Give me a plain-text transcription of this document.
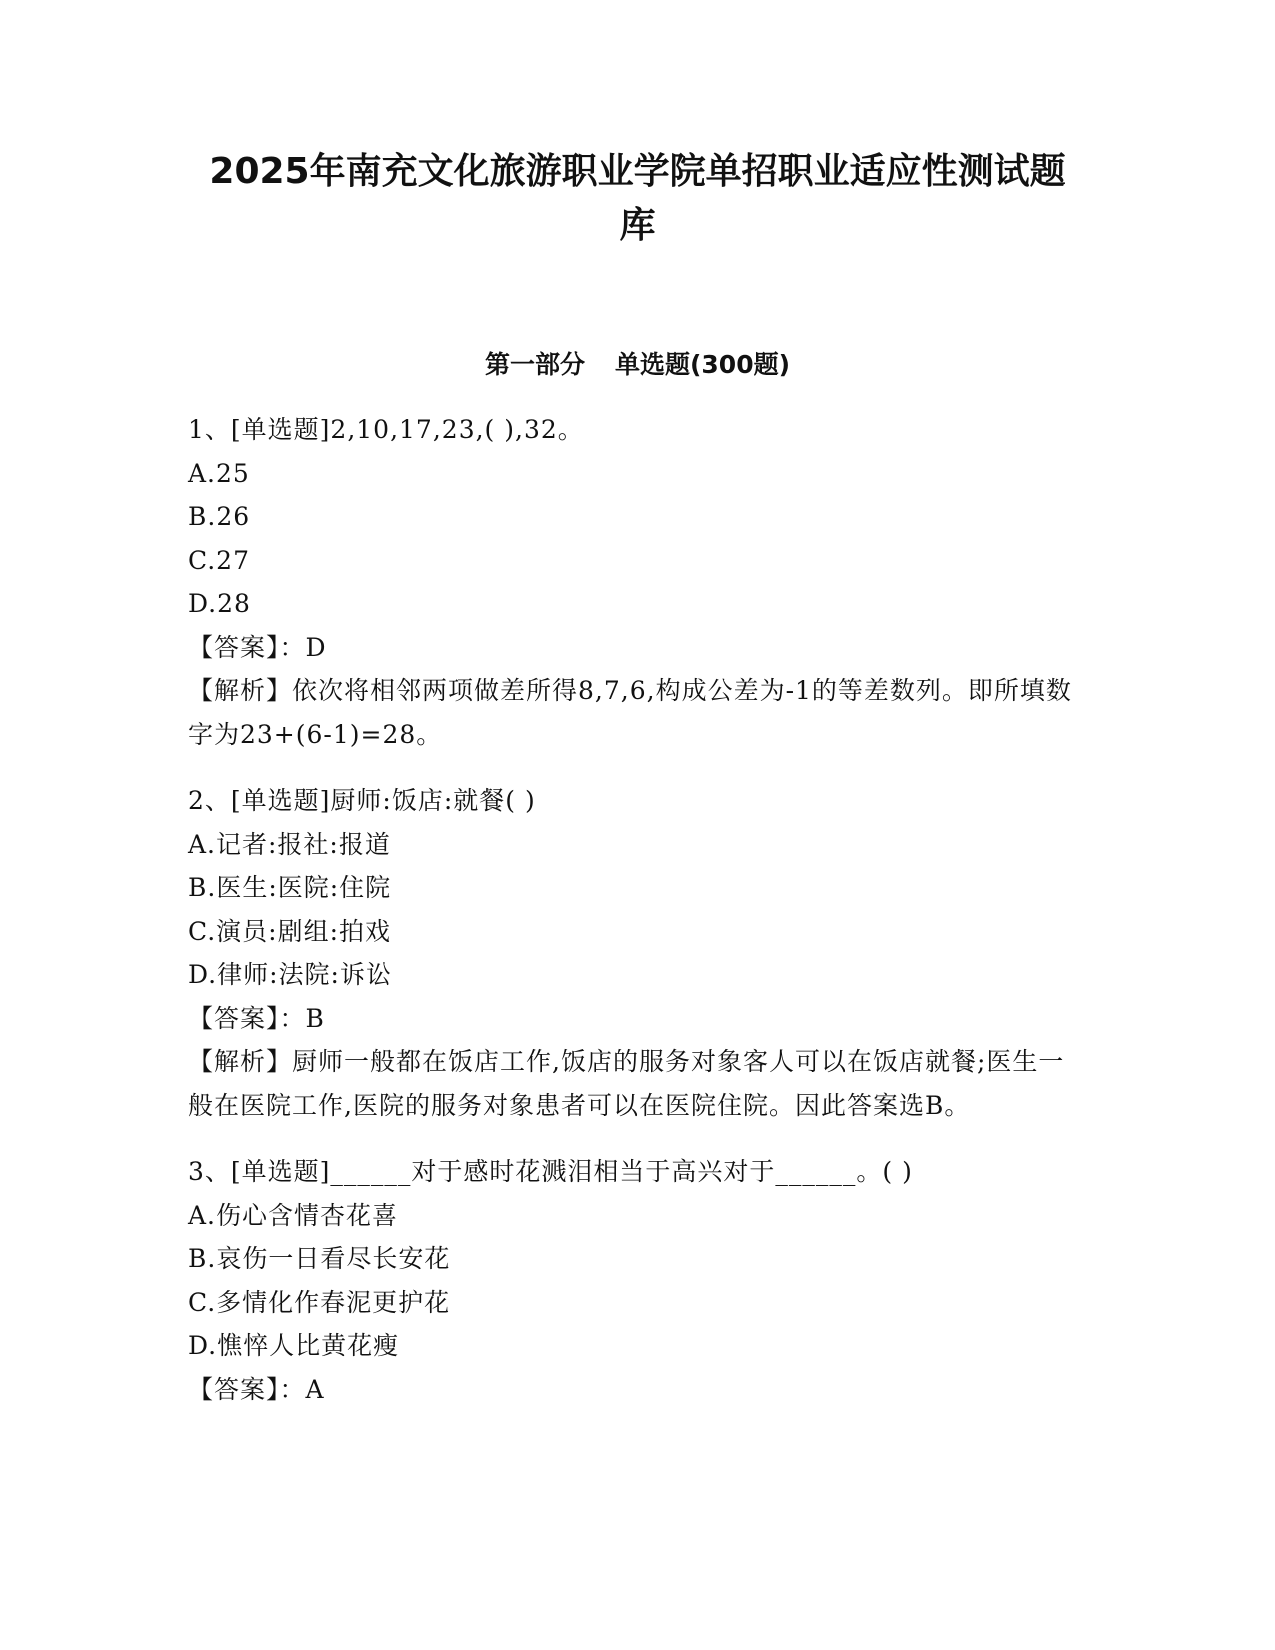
2025年南充文化旅游职业学院单招职业适应性测试题
库
第一部分 单选题(300题)
1、[单选题]2,10,17,23,( ),32。
A.25
B.26
C.27
D.28
【答案】：D
【解析】依次将相邻两项做差所得8,7,6,构成公差为-1的等差数列。即所填数字为23+(6-1)=28。
2、[单选题]厨师:饭店:就餐( )
A.记者:报社:报道
B.医生:医院:住院
C.演员:剧组:拍戏
D.律师:法院:诉讼
【答案】：B
【解析】厨师一般都在饭店工作,饭店的服务对象客人可以在饭店就餐;医生一般在医院工作,医院的服务对象患者可以在医院住院。因此答案选B。
3、[单选题]______对于感时花溅泪相当于高兴对于______。( )
A.伤心含情杏花喜
B.哀伤一日看尽长安花
C.多情化作春泥更护花
D.憔悴人比黄花瘦
【答案】：A
